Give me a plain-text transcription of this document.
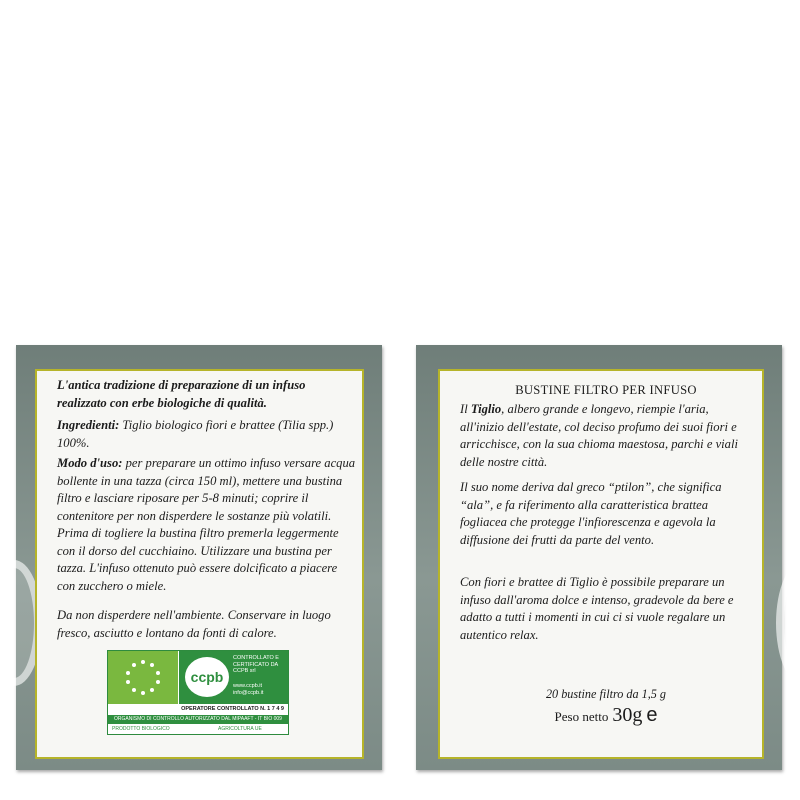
L'antica tradizione di preparazione di un infuso realizzato con erbe biologiche di qualità.
Ingredienti: Tiglio biologico fiori e brattee (Tilia spp.) 100%.
Modo d'uso: per preparare un ottimo infuso versare acqua bollente in una tazza (circa 150 ml), mettere una bustina filtro e lasciare riposare per 5-8 minuti; coprire il contenitore per non disperdere le sostanze più volatili. Prima di togliere la bustina filtro premerla leggermente con il dorso del cucchiaino. Utilizzare una bustina per tazza. L'infuso ottenuto può essere dolcificato a piacere con zucchero o miele.
Da non disperdere nell'ambiente. Conservare in luogo fresco, asciutto e lontano da fonti di calore.
ccpb
CONTROLLATO E CERTIFICATO DA CCPB srl
www.ccpb.it info@ccpb.it
OPERATORE CONTROLLATO N. 1 7 4 9
ORGANISMO DI CONTROLLO AUTORIZZATO DAL MIPAAFT - IT BIO 009
PRODOTTO BIOLOGICO	AGRICOLTURA UE
BUSTINE FILTRO PER INFUSO
Il Tiglio, albero grande e longevo, riempie l'aria, all'inizio dell'estate, col deciso profumo dei suoi fiori e arricchisce, con la sua chioma maestosa, parchi e viali delle nostre città.
Il suo nome deriva dal greco “ptilon”, che significa “ala”, e fa riferimento alla caratteristica brattea fogliacea che protegge l'infiorescenza e agevola la diffusione dei frutti da parte del vento.
Con fiori e brattee di Tiglio è possibile preparare un infuso dall'aroma dolce e intenso, gradevole da bere e adatto a tutti i momenti in cui ci si vuole regalare un autentico relax.
20 bustine filtro da 1,5 g
Peso netto 30g e
